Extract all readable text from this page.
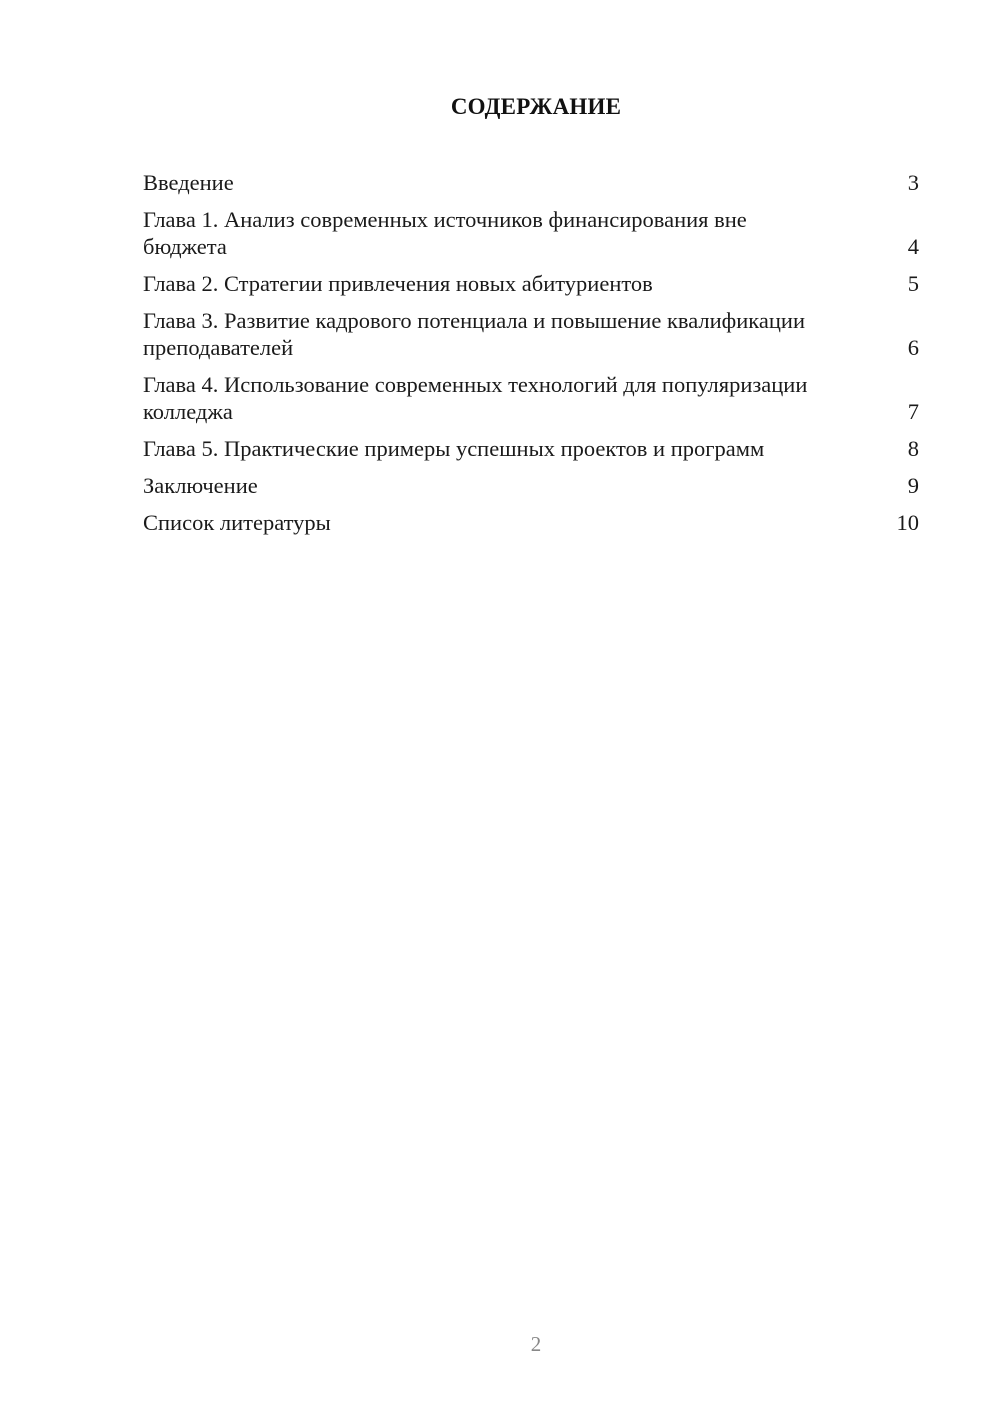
СОДЕРЖАНИЕ
Введение	3
Глава 1. Анализ современных источников финансирования вне бюджета	4
Глава 2. Стратегии привлечения новых абитуриентов	5
Глава 3. Развитие кадрового потенциала и повышение квалификации преподавателей	6
Глава 4. Использование современных технологий для популяризации колледжа	7
Глава 5. Практические примеры успешных проектов и программ	8
Заключение	9
Список литературы	10
2
